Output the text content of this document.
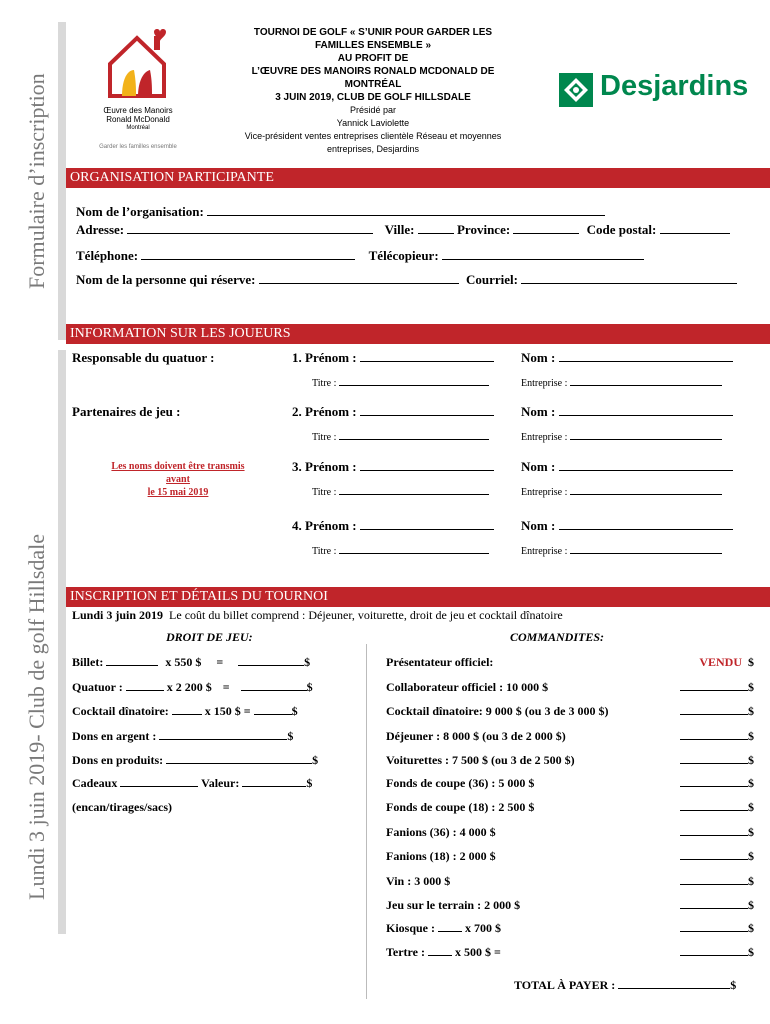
Formulaire d’inscription
Lundi 3 juin 2019- Club de golf Hillsdale
Œuvre des Manoirs
Ronald McDonald
Montréal
Garder les familles ensemble
TOURNOI DE GOLF « S’UNIR POUR GARDER LES
FAMILLES ENSEMBLE »
AU PROFIT DE
L’ŒUVRE DES MANOIRS RONALD MCDONALD DE
MONTRÉAL
3 JUIN 2019, CLUB DE GOLF HILLSDALE
Présidé par
Yannick Laviolette
Vice-président ventes entreprises clientèle Réseau et moyennes
entreprises, Desjardins
Desjardins
ORGANISATION PARTICIPANTE
Nom de l’organisation:
Adresse:	Ville:	Province:	Code postal:
Téléphone:	Télécopieur:
Nom de la personne qui réserve:	Courriel:
INFORMATION SUR LES JOUEURS
Responsable du quatuor :
Partenaires de jeu :
Les noms doivent être transmis
avant
le 15 mai 2019
1. Prénom :	Nom :
Titre :	Entreprise :
2. Prénom :	Nom :
Titre :	Entreprise :
3. Prénom :	Nom :
Titre :	Entreprise :
4. Prénom :	Nom :
Titre :	Entreprise :
INSCRIPTION ET DÉTAILS DU TOURNOI
Lundi 3 juin 2019 Le coût du billet comprend : Déjeuner, voiturette, droit de jeu et cocktail dînatoire
DROIT DE JEU:	COMMANDITES:
Billet:	x 550 $ =	$
Quatuor :	x 2 200 $ =	$
Cocktail dînatoire:	x 150 $ =	$
Dons en argent :	$
Dons en produits:	$
Cadeaux	Valeur:	$
(encan/tirages/sacs)
Présentateur officiel:	VENDU $
Collaborateur officiel : 10 000 $	$
Cocktail dînatoire: 9 000 $ (ou 3 de 3 000 $)	$
Déjeuner : 8 000 $ (ou 3 de 2 000 $)	$
Voiturettes : 7 500 $ (ou 3 de 2 500 $)	$
Fonds de coupe (36) : 5 000 $	$
Fonds de coupe (18) : 2 500 $	$
Fanions (36) : 4 000 $	$
Fanions (18) : 2 000 $	$
Vin : 3 000 $	$
Jeu sur le terrain : 2 000 $	$
Kiosque :	x 700 $	$
Tertre :	x 500 $ =	$
TOTAL À PAYER :	$
